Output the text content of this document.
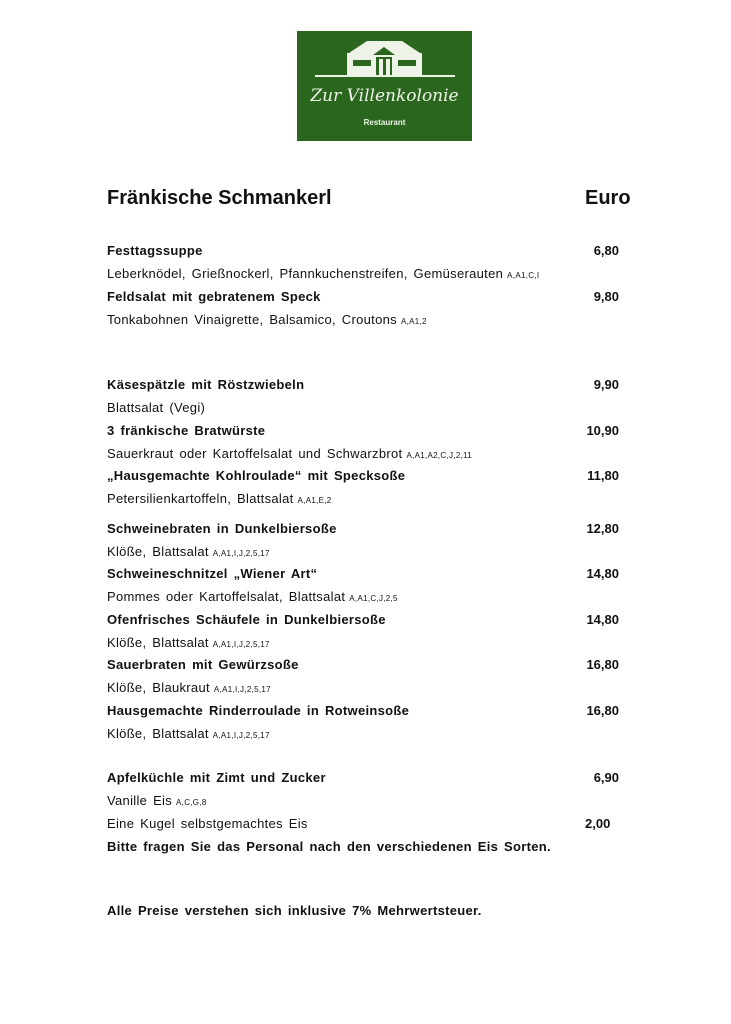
Zur Villenkolonie
Restaurant
Fränkische Schmankerl	Euro
Festtagssuppe	6,80
Leberknödel, Grießnockerl, Pfannkuchenstreifen, Gemüserauten A,A1,C,I
Feldsalat mit gebratenem Speck	9,80
Tonkabohnen Vinaigrette, Balsamico, Croutons A,A1,2
Käsespätzle mit Röstzwiebeln	9,90
Blattsalat (Vegi)
3 fränkische Bratwürste	10,90
Sauerkraut oder Kartoffelsalat und Schwarzbrot A,A1,A2,C,J,2,11
„Hausgemachte Kohlroulade“ mit Specksoße	11,80
Petersilienkartoffeln, Blattsalat A,A1,E,2
Schweinebraten in Dunkelbiersoße	12,80
Klöße, Blattsalat A,A1,I,J,2,5,17
Schweineschnitzel „Wiener Art“	14,80
Pommes oder Kartoffelsalat, Blattsalat A,A1,C,J,2,5
Ofenfrisches Schäufele in Dunkelbiersoße	14,80
Klöße, Blattsalat A,A1,I,J,2,5,17
Sauerbraten mit Gewürzsoße	16,80
Klöße, Blaukraut A,A1,I,J,2,5,17
Hausgemachte Rinderroulade in Rotweinsoße	16,80
Klöße, Blattsalat A,A1,I,J,2,5,17
Apfelküchle mit Zimt und Zucker	6,90
Vanille Eis A,C,G,8
Eine Kugel selbstgemachtes Eis	2,00
Bitte fragen Sie das Personal nach den verschiedenen Eis Sorten.
Alle Preise verstehen sich inklusive 7% Mehrwertsteuer.
